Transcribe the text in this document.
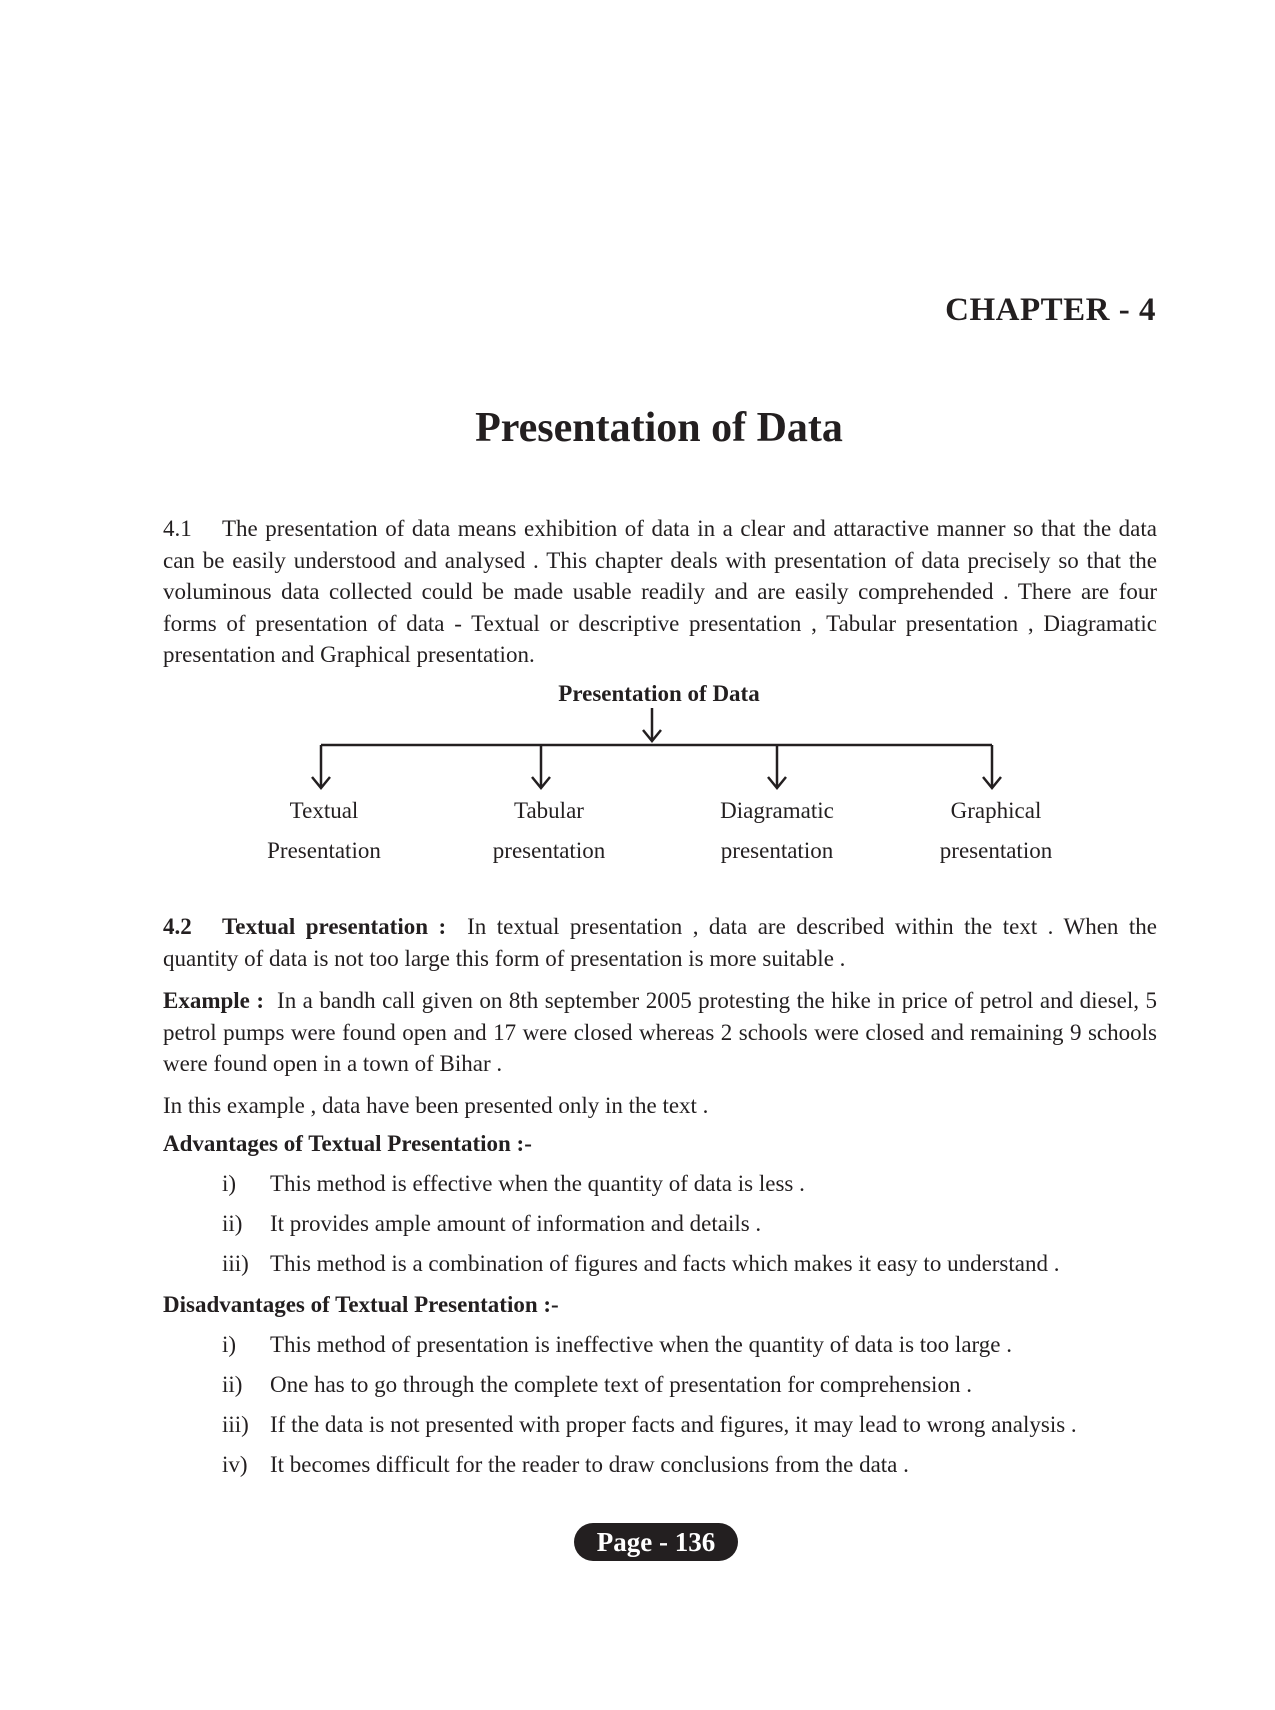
CHAPTER - 4
Presentation of Data

4.1 The presentation of data means exhibition of data in a clear and attaractive manner so that the data can be easily understood and analysed . This chapter deals with presentation of data precisely so that the voluminous data collected could be made usable readily and are easily comprehended . There are four forms of presentation of data - Textual or descriptive presentation , Tabular presentation , Diagramatic presentation and Graphical presentation.

Presentation of Data
Textual
Presentation
Tabular
presentation
Diagramatic
presentation
Graphical
presentation

4.2 Textual presentation : In textual presentation , data are described within the text . When the quantity of data is not too large this form of presentation is more suitable .

Example : In a bandh call given on 8th september 2005 protesting the hike in price of petrol and diesel, 5 petrol pumps were found open and 17 were closed whereas 2 schools were closed and remaining 9 schools were found open in a town of Bihar .

In this example , data have been presented only in the text .

Advantages of Textual Presentation :-
i) This method is effective when the quantity of data is less .
ii) It provides ample amount of information and details .
iii) This method is a combination of figures and facts which makes it easy to understand .
Disadvantages of Textual Presentation :-
i) This method of presentation is ineffective when the quantity of data is too large .
ii) One has to go through the complete text of presentation for comprehension .
iii) If the data is not presented with proper facts and figures, it may lead to wrong analysis .
iv) It becomes difficult for the reader to draw conclusions from the data .
Page - 136
